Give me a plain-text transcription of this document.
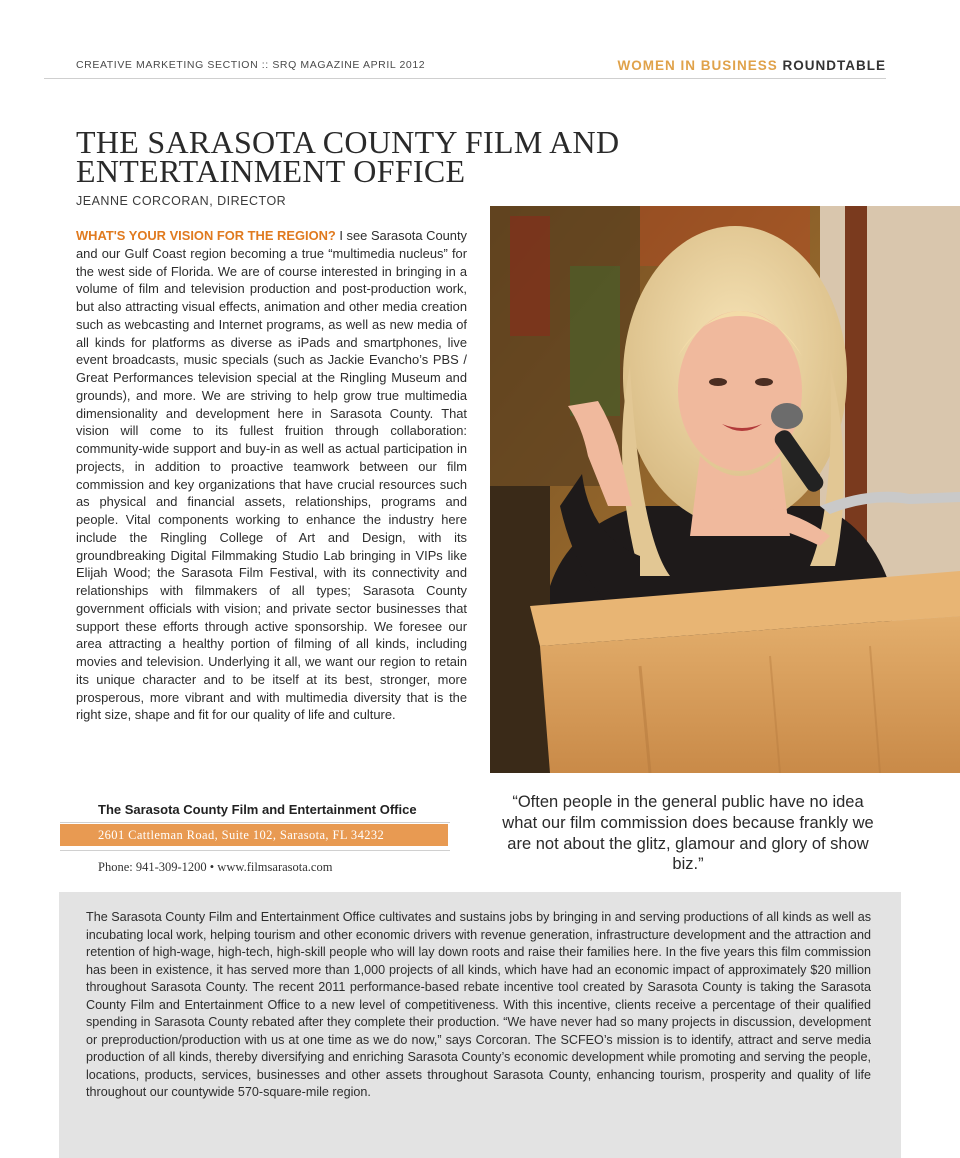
CREATIVE MARKETING SECTION :: SRQ MAGAZINE APRIL 2012	WOMEN IN BUSINESS ROUNDTABLE
THE SARASOTA COUNTY FILM AND ENTERTAINMENT OFFICE
JEANNE CORCORAN, DIRECTOR

WHAT'S YOUR VISION FOR THE REGION? I see Sarasota County and our Gulf Coast region becoming a true “multimedia nucleus” for the west side of Florida. We are of course interested in bringing in a volume of film and television production and post-production work, but also attracting visual effects, animation and other media creation such as webcasting and Internet programs, as well as new media of all kinds for platforms as diverse as iPads and smartphones, live event broadcasts, music specials (such as Jackie Evancho’s PBS / Great Performances television special at the Ringling Museum and grounds), and more. We are striving to help grow true multimedia dimensionality and development here in Sarasota County. That vision will come to its fullest fruition through collaboration: community-wide support and buy-in as well as actual participation in projects, in addition to proactive teamwork between our film commission and key organizations that have crucial resources such as physical and financial assets, relationships, programs and people. Vital components working to enhance the industry here include the Ringling College of Art and Design, with its groundbreaking Digital Filmmaking Studio Lab bringing in VIPs like Elijah Wood; the Sarasota Film Festival, with its connectivity and relationships with filmmakers of all types; Sarasota County government officials with vision; and private sector businesses that support these efforts through active sponsorship. We foresee our area attracting a healthy portion of filming of all kinds, including movies and television. Underlying it all, we want our region to retain its unique character and to be itself at its best, stronger, more prosperous, more vibrant and with multimedia diversity that is the right size, shape and fit for our quality of life and culture.

The Sarasota County Film and Entertainment Office
2601 Cattleman Road, Suite 102, Sarasota, FL 34232
Phone: 941-309-1200 • www.filmsarasota.com

“Often people in the general public have no idea what our film commission does because frankly we are not about the glitz, glamour and glory of show biz.”

The Sarasota County Film and Entertainment Office cultivates and sustains jobs by bringing in and serving productions of all kinds as well as incubating local work, helping tourism and other economic drivers with revenue generation, infrastructure development and the attraction and retention of high-wage, high-tech, high-skill people who will lay down roots and raise their families here. In the five years this film commission has been in existence, it has served more than 1,000 projects of all kinds, which have had an economic impact of approximately $20 million throughout Sarasota County. The recent 2011 performance-based rebate incentive tool created by Sarasota County is taking the Sarasota County Film and Entertainment Office to a new level of competitiveness. With this incentive, clients receive a percentage of their qualified spending in Sarasota County rebated after they complete their production. “We have never had so many projects in discussion, development or preproduction/production with us at one time as we do now,” says Corcoran. The SCFEO’s mission is to identify, attract and serve media production of all kinds, thereby diversifying and enriching Sarasota County’s economic development while promoting and serving the people, locations, products, services, businesses and other assets throughout Sarasota County, enhancing tourism, prosperity and quality of life throughout our countywide 570-square-mile region.
